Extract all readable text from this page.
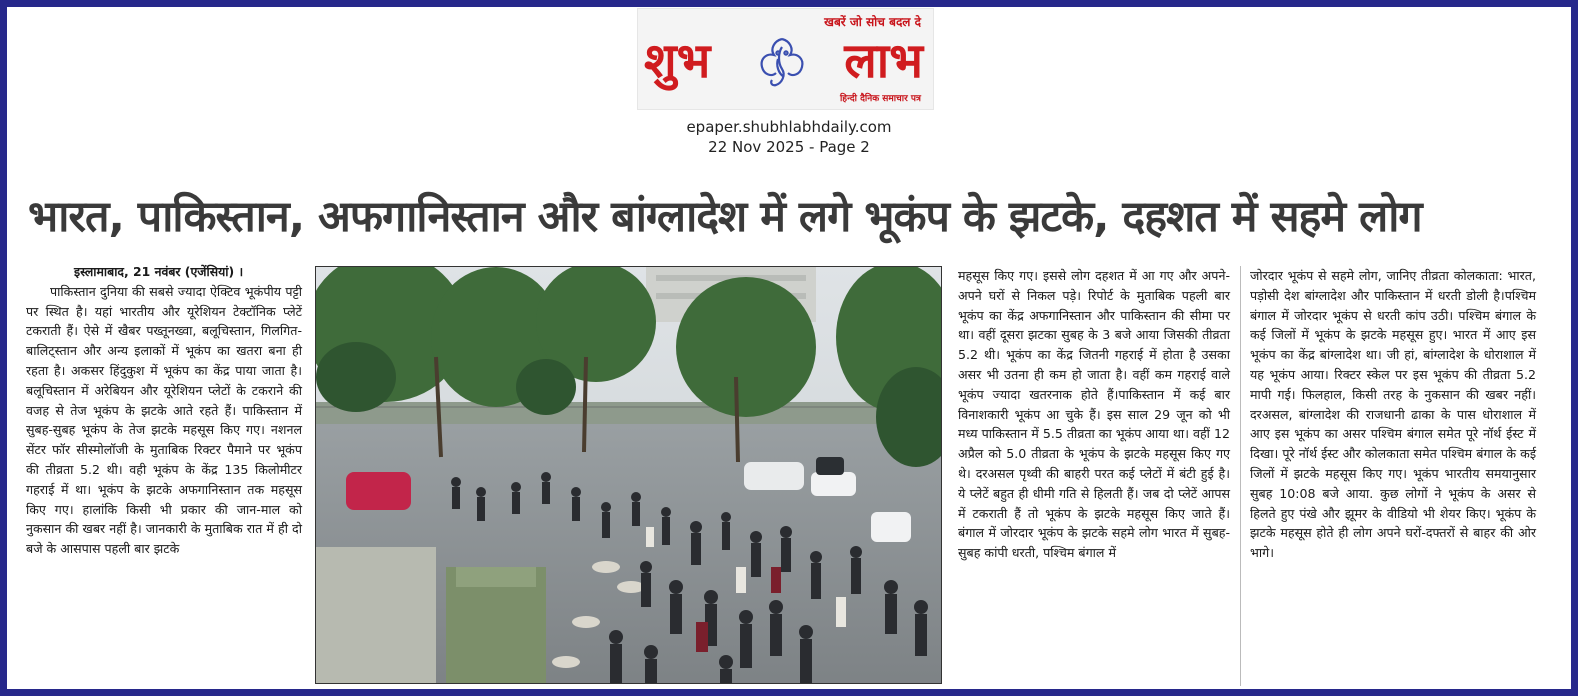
खबरें जो सोच बदल दे
शुभ	लाभ
हिन्दी दैनिक समाचार पत्र
epaper.shubhlabhdaily.com
22 Nov 2025 - Page 2
भारत, पाकिस्तान, अफगानिस्तान और बांग्लादेश में लगे भूकंप के झटके, दहशत में सहमे लोग
इस्लामाबाद, 21 नवंबर (एजेंसियां) ।

पाकिस्तान दुनिया की सबसे ज्यादा ऐक्टिव भूकंपीय पट्टी पर स्थित है। यहां भारतीय और यूरेशियन टेक्टॉनिक प्लेटें टकराती हैं। ऐसे में खैबर पख्तूनख्वा, बलूचिस्तान, गिलगित-बालिट्स्तान और अन्य इलाकों में भूकंप का खतरा बना ही रहता है। अकसर हिंदुकुश में भूकंप का केंद्र पाया जाता है।बलूचिस्तान में अरेबियन और यूरेशियन प्लेटों के टकराने की वजह से तेज भूकंप के झटके आते रहते हैं। पाकिस्तान में सुबह-सुबह भूकंप के तेज झटके महसूस किए गए। नशनल सेंटर फॉर सीस्मोलॉजी के मुताबिक रिक्टर पैमाने पर भूकंप की तीव्रता 5.2 थी। वही भूकंप के केंद्र 135 किलोमीटर गहराई में था। भूकंप के झटके अफगानिस्तान तक महसूस किए गए। हालांकि किसी भी प्रकार की जान-माल को नुकसान की खबर नहीं है। जानकारी के मुताबिक रात में ही दो बजे के आसपास पहली बार झटके

महसूस किए गए। इससे लोग दहशत में आ गए और अपने-अपने घरों से निकल पड़े। रिपोर्ट के मुताबिक पहली बार भूकंप का केंद्र अफगानिस्तान और पाकिस्तान की सीमा पर था। वहीं दूसरा झटका सुबह के 3 बजे आया जिसकी तीव्रता 5.2 थी। भूकंप का केंद्र जितनी गहराई में होता है उसका असर भी उतना ही कम हो जाता है। वहीं कम गहराई वाले भूकंप ज्यादा खतरनाक होते हैं।पाकिस्तान में कई बार विनाशकारी भूकंप आ चुके हैं। इस साल 29 जून को भी मध्य पाकिस्तान में 5.5 तीव्रता का भूकंप आया था। वहीं 12 अप्रैल को 5.0 तीव्रता के भूकंप के झटके महसूस किए गए थे। दरअसल पृथ्वी की बाहरी परत कई प्लेटों में बंटी हुई है। ये प्लेटें बहुत ही धीमी गति से हिलती हैं। जब दो प्लेटें आपस में टकराती हैं तो भूकंप के झटके महसूस किए जाते हैं। बंगाल में जोरदार भूकंप के झटके सहमे लोग भारत में सुबह-सुबह कांपी धरती, पश्चिम बंगाल में

जोरदार भूकंप से सहमे लोग, जानिए तीव्रता कोलकाता: भारत, पड़ोसी देश बांग्लादेश और पाकिस्तान में धरती डोली है।पश्चिम बंगाल में जोरदार भूकंप से धरती कांप उठी। पश्चिम बंगाल के कई जिलों में भूकंप के झटके महसूस हुए। भारत में आए इस भूकंप का केंद्र बांग्लादेश था। जी हां, बांग्लादेश के धोराशाल में यह भूकंप आया। रिक्टर स्केल पर इस भूकंप की तीव्रता 5.2 मापी गई। फिलहाल, किसी तरह के नुकसान की खबर नहीं। दरअसल, बांग्लादेश की राजधानी ढाका के पास धोराशाल में आए इस भूकंप का असर पश्चिम बंगाल समेत पूरे नॉर्थ ईस्ट में दिखा। पूरे नॉर्थ ईस्ट और कोलकाता समेत पश्चिम बंगाल के कई जिलों में झटके महसूस किए गए। भूकंप भारतीय समयानुसार सुबह 10:08 बजे आया. कुछ लोगों ने भूकंप के असर से हिलते हुए पंखे और झूमर के वीडियो भी शेयर किए। भूकंप के झटके महसूस होते ही लोग अपने घरों-दफ्तरों से बाहर की ओर भागे।
